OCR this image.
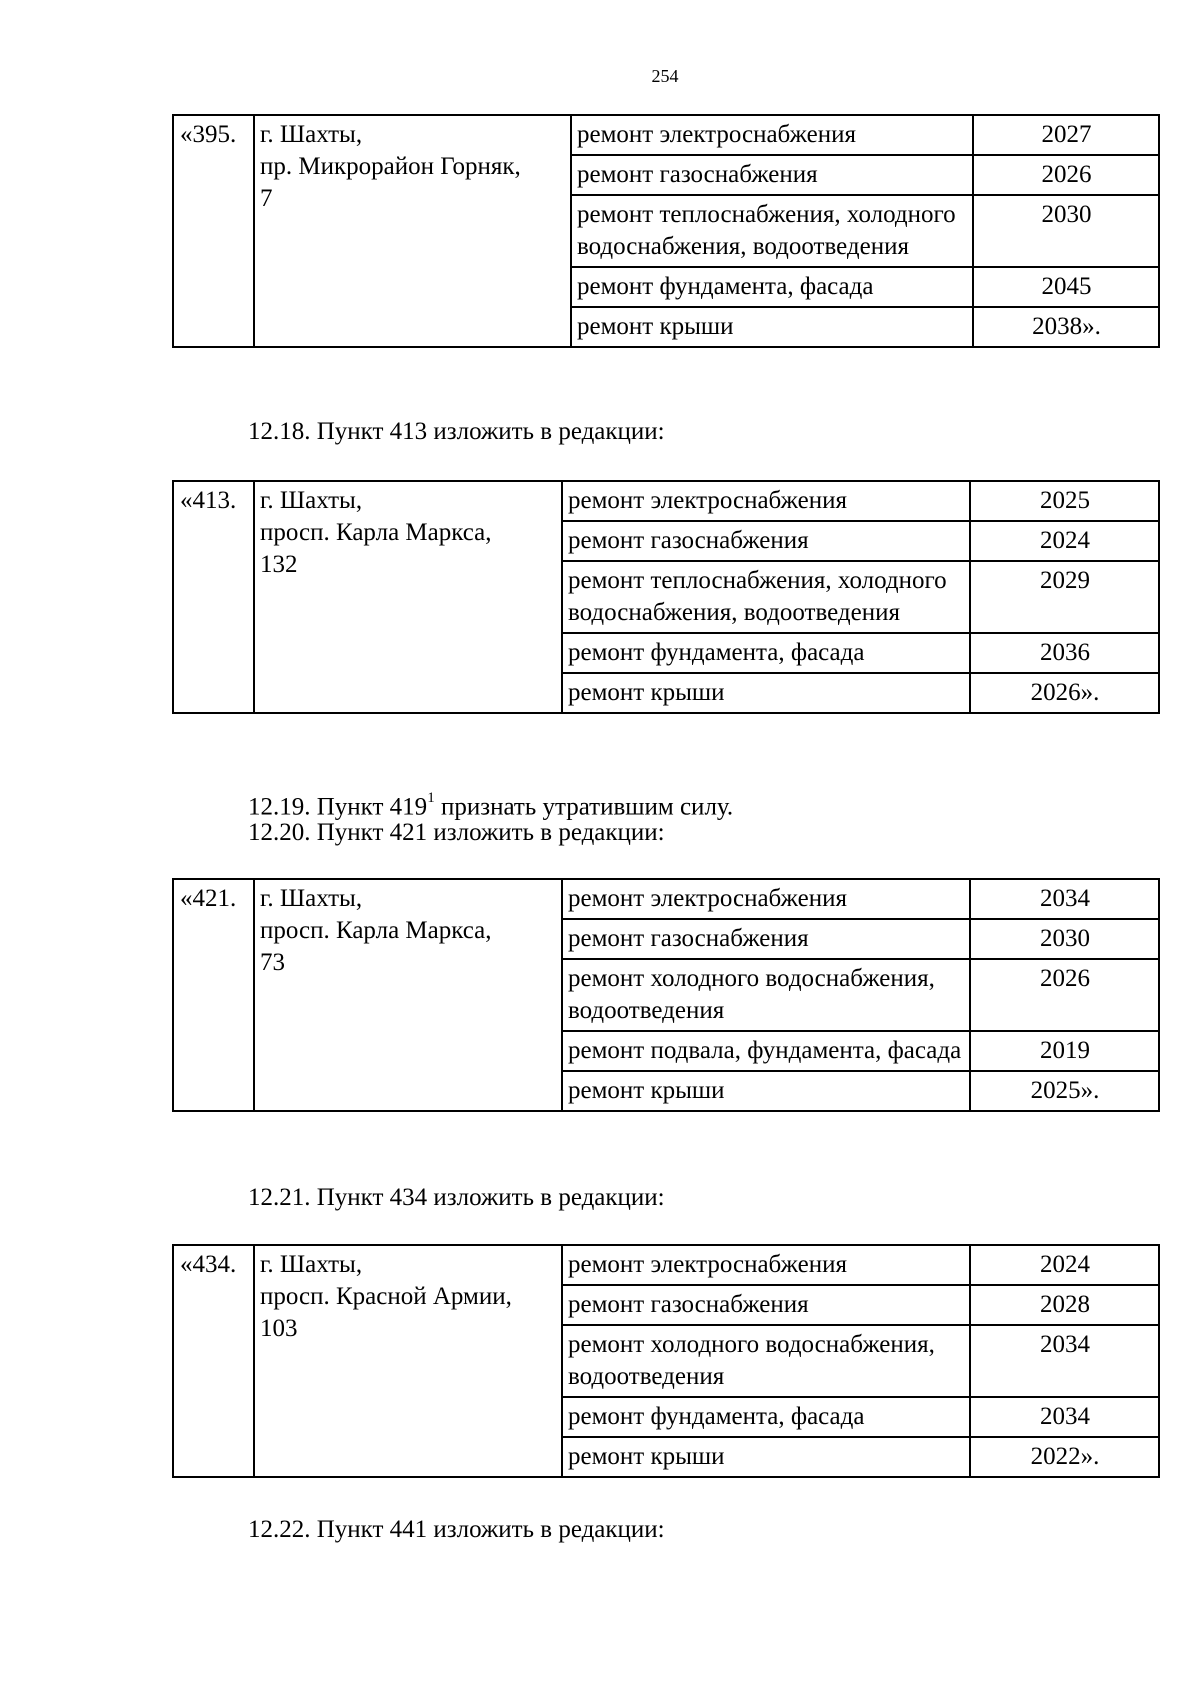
254
«395.	г. Шахты,
пр. Микрорайон Горняк,
7	ремонт электроснабжения	2027
		ремонт газоснабжения	2026
		ремонт теплоснабжения, холодного водоснабжения, водоотведения	2030
		ремонт фундамента, фасада	2045
		ремонт крыши	2038».
12.18. Пункт 413 изложить в редакции:
«413.	г. Шахты,
просп. Карла Маркса,
132	ремонт электроснабжения	2025
		ремонт газоснабжения	2024
		ремонт теплоснабжения, холодного водоснабжения, водоотведения	2029
		ремонт фундамента, фасада	2036
		ремонт крыши	2026».
12.19. Пункт $419^1$ признать утратившим силу.
12.20. Пункт 421 изложить в редакции:
«421.	г. Шахты,
просп. Карла Маркса,
73	ремонт электроснабжения	2034
		ремонт газоснабжения	2030
		ремонт холодного водоснабжения, водоотведения	2026
		ремонт подвала, фундамента, фасада	2019
		ремонт крыши	2025».
12.21. Пункт 434 изложить в редакции:
«434.	г. Шахты,
просп. Красной Армии,
103	ремонт электроснабжения	2024
		ремонт газоснабжения	2028
		ремонт холодного водоснабжения, водоотведения	2034
		ремонт фундамента, фасада	2034
		ремонт крыши	2022».
12.22. Пункт 441 изложить в редакции:
